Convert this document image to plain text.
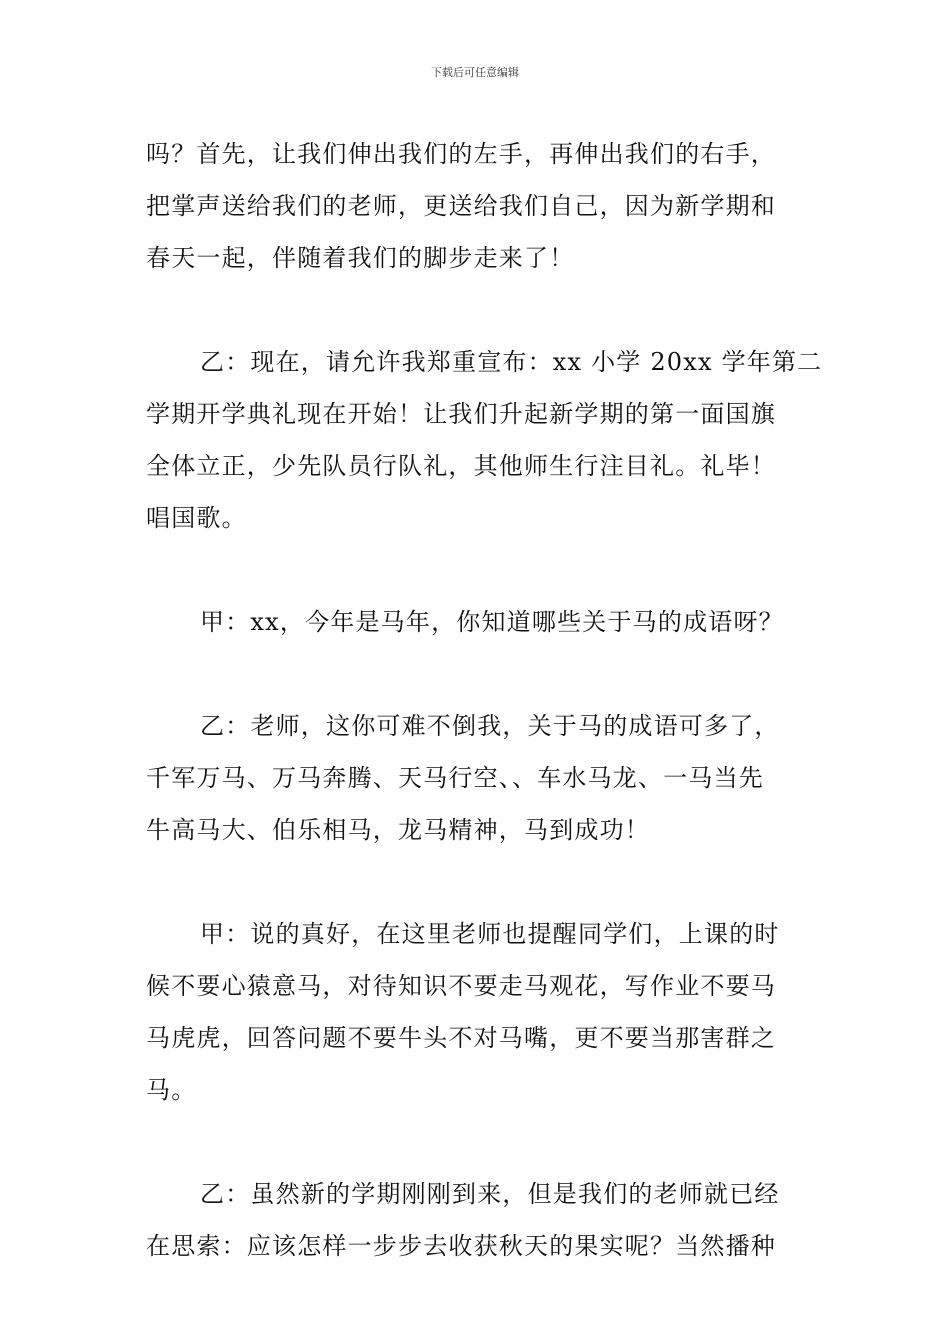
下载后可任意编辑

吗？首先，让我们伸出我们的左手，再伸出我们的右手，
把掌声送给我们的老师，更送给我们自己，因为新学期和
春天一起，伴随着我们的脚步走来了！

乙：现在，请允许我郑重宣布：xx 小学 20xx 学年第二
学期开学典礼现在开始！让我们升起新学期的第一面国旗
全体立正，少先队员行队礼，其他师生行注目礼。礼毕！
唱国歌。

甲：xx，今年是马年，你知道哪些关于马的成语呀？

乙：老师，这你可难不倒我，关于马的成语可多了，
千军万马、万马奔腾、天马行空、、车水马龙、一马当先
牛高马大、伯乐相马，龙马精神，马到成功！

甲：说的真好，在这里老师也提醒同学们，上课的时
候不要心猿意马，对待知识不要走马观花，写作业不要马
马虎虎，回答问题不要牛头不对马嘴，更不要当那害群之
马。

乙：虽然新的学期刚刚到来，但是我们的老师就已经
在思索：应该怎样一步步去收获秋天的果实呢？当然播种
